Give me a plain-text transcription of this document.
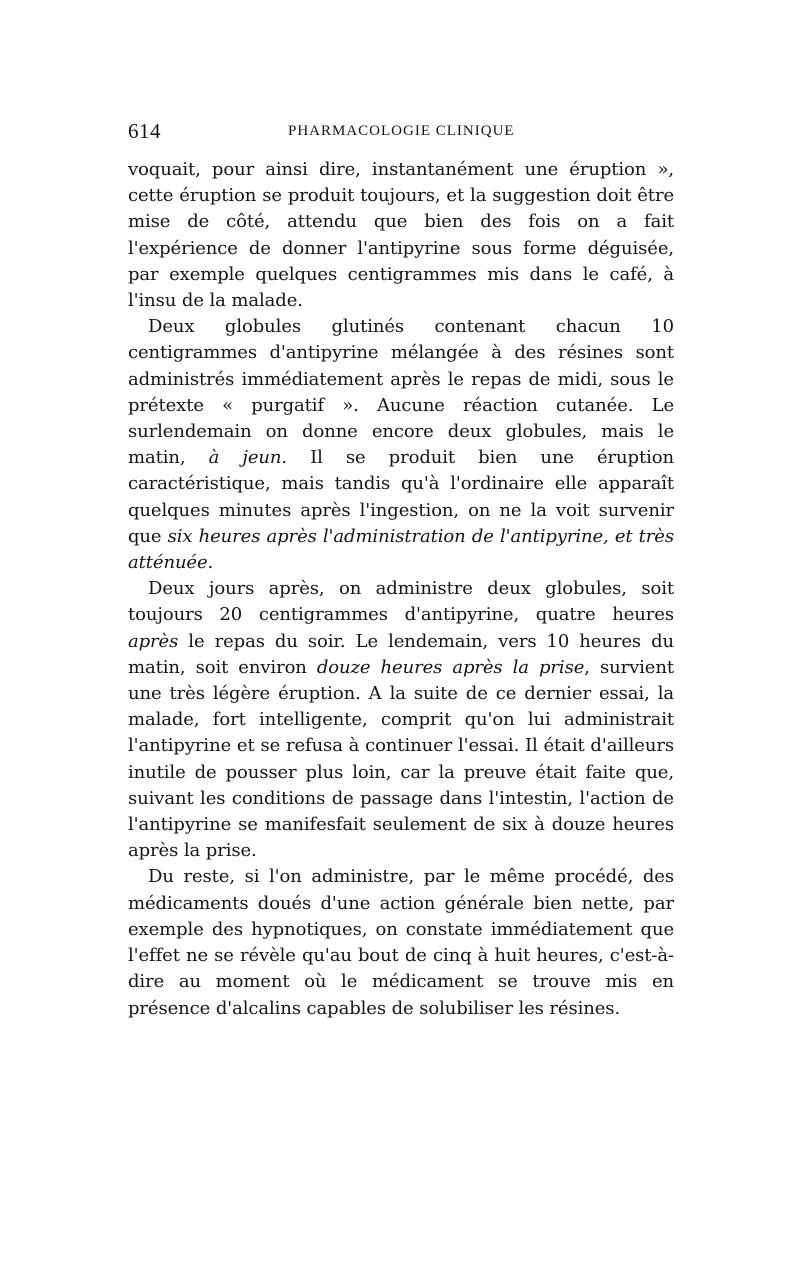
614	PHARMACOLOGIE CLINIQUE

voquait, pour ainsi dire, instantanément une éruption », cette éruption se produit toujours, et la suggestion doit être mise de côté, attendu que bien des fois on a fait l'expérience de donner l'antipyrine sous forme déguisée, par exemple quelques centigrammes mis dans le café, à l'insu de la malade.

Deux globules glutinés contenant chacun 10 centigrammes d'antipyrine mélangée à des résines sont administrés immédiatement après le repas de midi, sous le prétexte « purgatif ». Aucune réaction cutanée. Le surlendemain on donne encore deux globules, mais le matin, à jeun. Il se produit bien une éruption caractéristique, mais tandis qu'à l'ordinaire elle apparaît quelques minutes après l'ingestion, on ne la voit survenir que six heures après l'administration de l'antipyrine, et très atténuée.

Deux jours après, on administre deux globules, soit toujours 20 centigrammes d'antipyrine, quatre heures après le repas du soir. Le lendemain, vers 10 heures du matin, soit environ douze heures après la prise, survient une très légère éruption. A la suite de ce dernier essai, la malade, fort intelligente, comprit qu'on lui administrait l'antipyrine et se refusa à continuer l'essai. Il était d'ailleurs inutile de pousser plus loin, car la preuve était faite que, suivant les conditions de passage dans l'intestin, l'action de l'antipyrine se manifesfait seulement de six à douze heures après la prise.

Du reste, si l'on administre, par le même procédé, des médicaments doués d'une action générale bien nette, par exemple des hypnotiques, on constate immédiatement que l'effet ne se révèle qu'au bout de cinq à huit heures, c'est-à-dire au moment où le médicament se trouve mis en présence d'alcalins capables de solubiliser les résines.
